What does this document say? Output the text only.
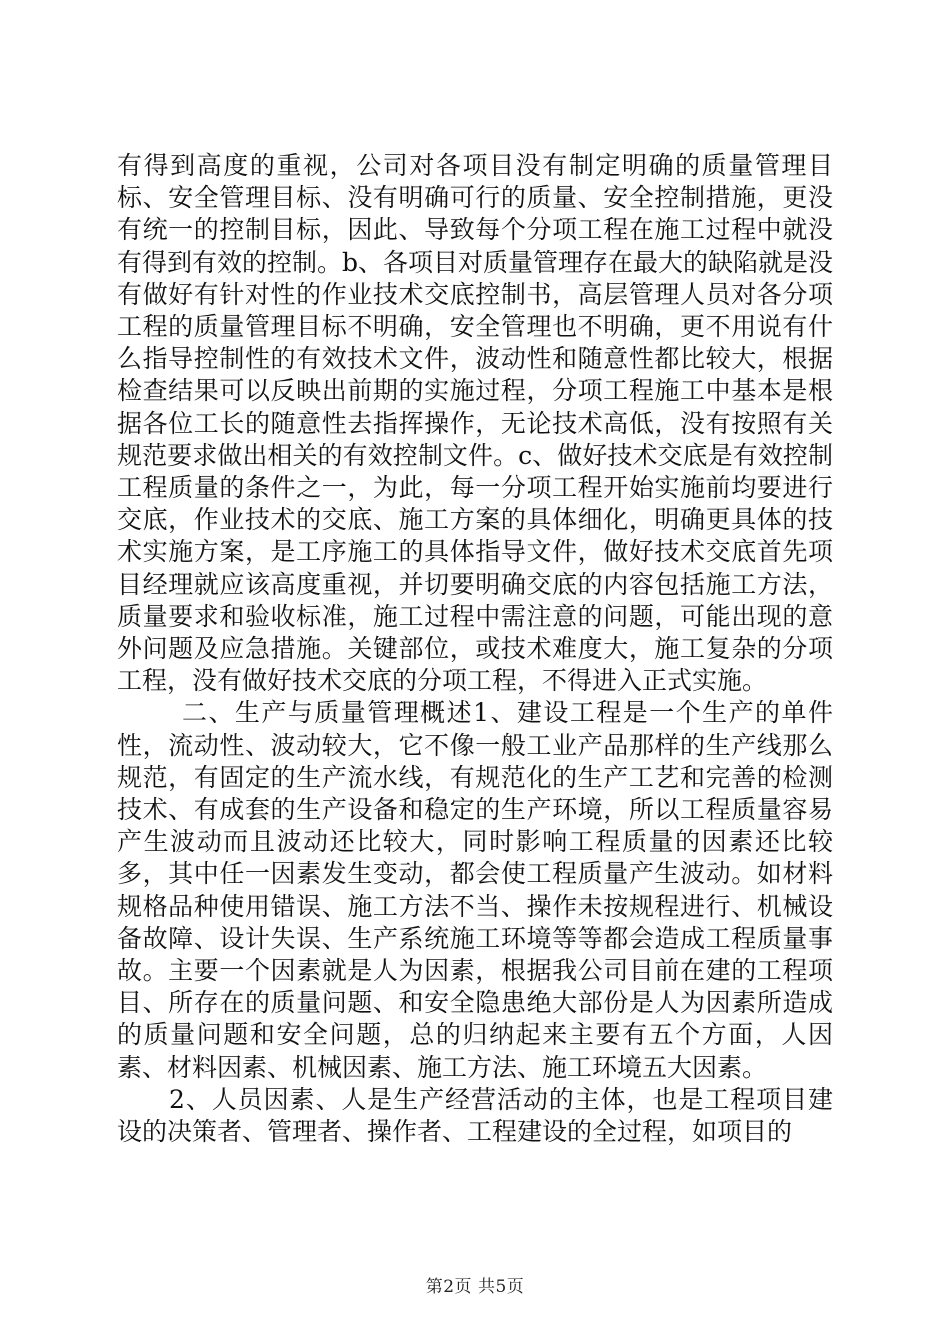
有得到高度的重视，公司对各项目没有制定明确的质量管理目标、安全管理目标、没有明确可行的质量、安全控制措施，更没有统一的控制目标，因此、导致每个分项工程在施工过程中就没有得到有效的控制。b、各项目对质量管理存在最大的缺陷就是没有做好有针对性的作业技术交底控制书，高层管理人员对各分项工程的质量管理目标不明确，安全管理也不明确，更不用说有什么指导控制性的有效技术文件，波动性和随意性都比较大，根据检查结果可以反映出前期的实施过程，分项工程施工中基本是根据各位工长的随意性去指挥操作，无论技术高低，没有按照有关规范要求做出相关的有效控制文件。c、做好技术交底是有效控制工程质量的条件之一，为此，每一分项工程开始实施前均要进行交底，作业技术的交底、施工方案的具体细化，明确更具体的技术实施方案，是工序施工的具体指导文件，做好技术交底首先项目经理就应该高度重视，并切要明确交底的内容包括施工方法，质量要求和验收标准，施工过程中需注意的问题，可能出现的意外问题及应急措施。关键部位，或技术难度大，施工复杂的分项工程，没有做好技术交底的分项工程，不得进入正式实施。

二、生产与质量管理概述1、建设工程是一个生产的单件性，流动性、波动较大，它不像一般工业产品那样的生产线那么规范，有固定的生产流水线，有规范化的生产工艺和完善的检测技术、有成套的生产设备和稳定的生产环境，所以工程质量容易产生波动而且波动还比较大，同时影响工程质量的因素还比较多，其中任一因素发生变动，都会使工程质量产生波动。如材料规格品种使用错误、施工方法不当、操作未按规程进行、机械设备故障、设计失误、生产系统施工环境等等都会造成工程质量事故。主要一个因素就是人为因素，根据我公司目前在建的工程项目、所存在的质量问题、和安全隐患绝大部份是人为因素所造成的质量问题和安全问题，总的归纳起来主要有五个方面，人因素、材料因素、机械因素、施工方法、施工环境五大因素。

2、人员因素、人是生产经营活动的主体，也是工程项目建设的决策者、管理者、操作者、工程建设的全过程，如项目的

第2页 共5页
